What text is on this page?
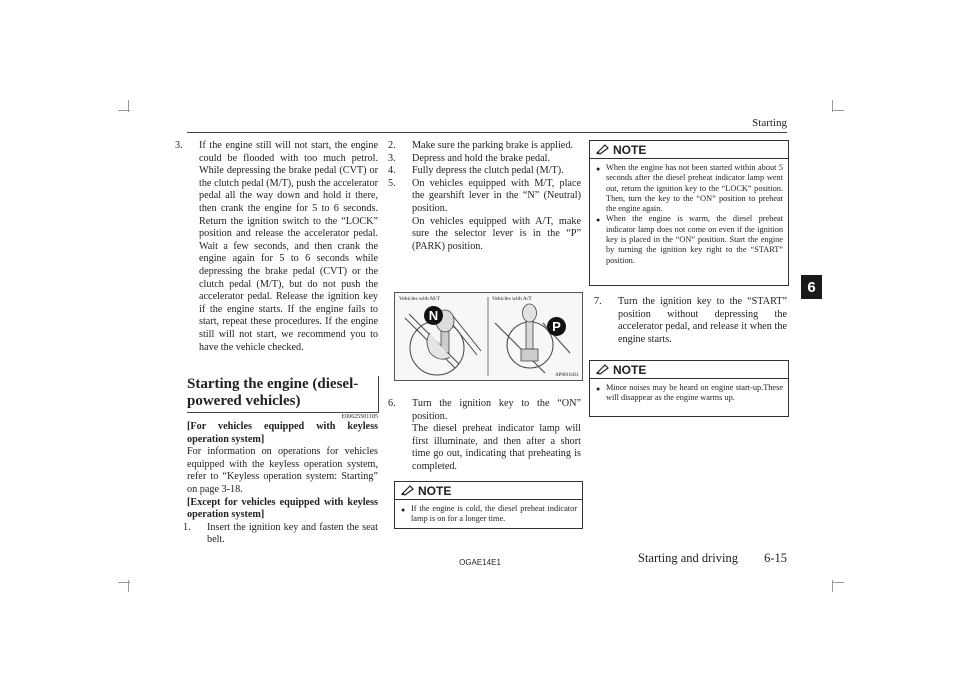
Starting
6
3. If the engine still will not start, the engine could be flooded with too much petrol. While depressing the brake pedal (CVT) or the clutch pedal (M/T), push the accelerator pedal all the way down and hold it there, then crank the engine for 5 to 6 seconds. Return the ignition switch to the “LOCK” position and release the accelerator pedal. Wait a few seconds, and then crank the engine again for 5 to 6 seconds while depressing the brake pedal (CVT) or the clutch pedal (M/T), but do not push the accelerator pedal. Release the ignition key if the engine starts. If the engine fails to start, repeat these procedures. If the engine still will not start, we recommend you to have the vehicle checked.
Starting the engine (diesel-powered vehicles)
E00625501185
[For vehicles equipped with keyless operation system]
For information on operations for vehicles equipped with the keyless operation system, refer to “Keyless operation system: Starting” on page 3-18.
[Except for vehicles equipped with keyless operation system]
1. Insert the ignition key and fasten the seat belt.
2. Make sure the parking brake is applied.
3. Depress and hold the brake pedal.
4. Fully depress the clutch pedal (M/T).
5. On vehicles equipped with M/T, place the gearshift lever in the “N” (Neutral) position.
On vehicles equipped with A/T, make sure the selector lever is in the “P” (PARK) position.
Vehicles with M/T	Vehicles with A/T
N
P
AP0016431
6. Turn the ignition key to the “ON” position.
The diesel preheat indicator lamp will first illuminate, and then after a short time go out, indicating that preheating is completed.
NOTE
● If the engine is cold, the diesel preheat indicator lamp is on for a longer time.
NOTE
● When the engine has not been started within about 5 seconds after the diesel preheat indicator lamp went out, return the ignition key to the “LOCK” position. Then, turn the key to the “ON” position to preheat the engine again.
● When the engine is warm, the diesel preheat indicator lamp does not come on even if the ignition key is placed in the “ON” position. Start the engine by turning the ignition key right to the “START” position.
7. Turn the ignition key to the “START” position without depressing the accelerator pedal, and release it when the engine starts.
NOTE
● Minor noises may be heard on engine start-up.These will disappear as the engine warms up.
OGAE14E1	Starting and driving	6-15
